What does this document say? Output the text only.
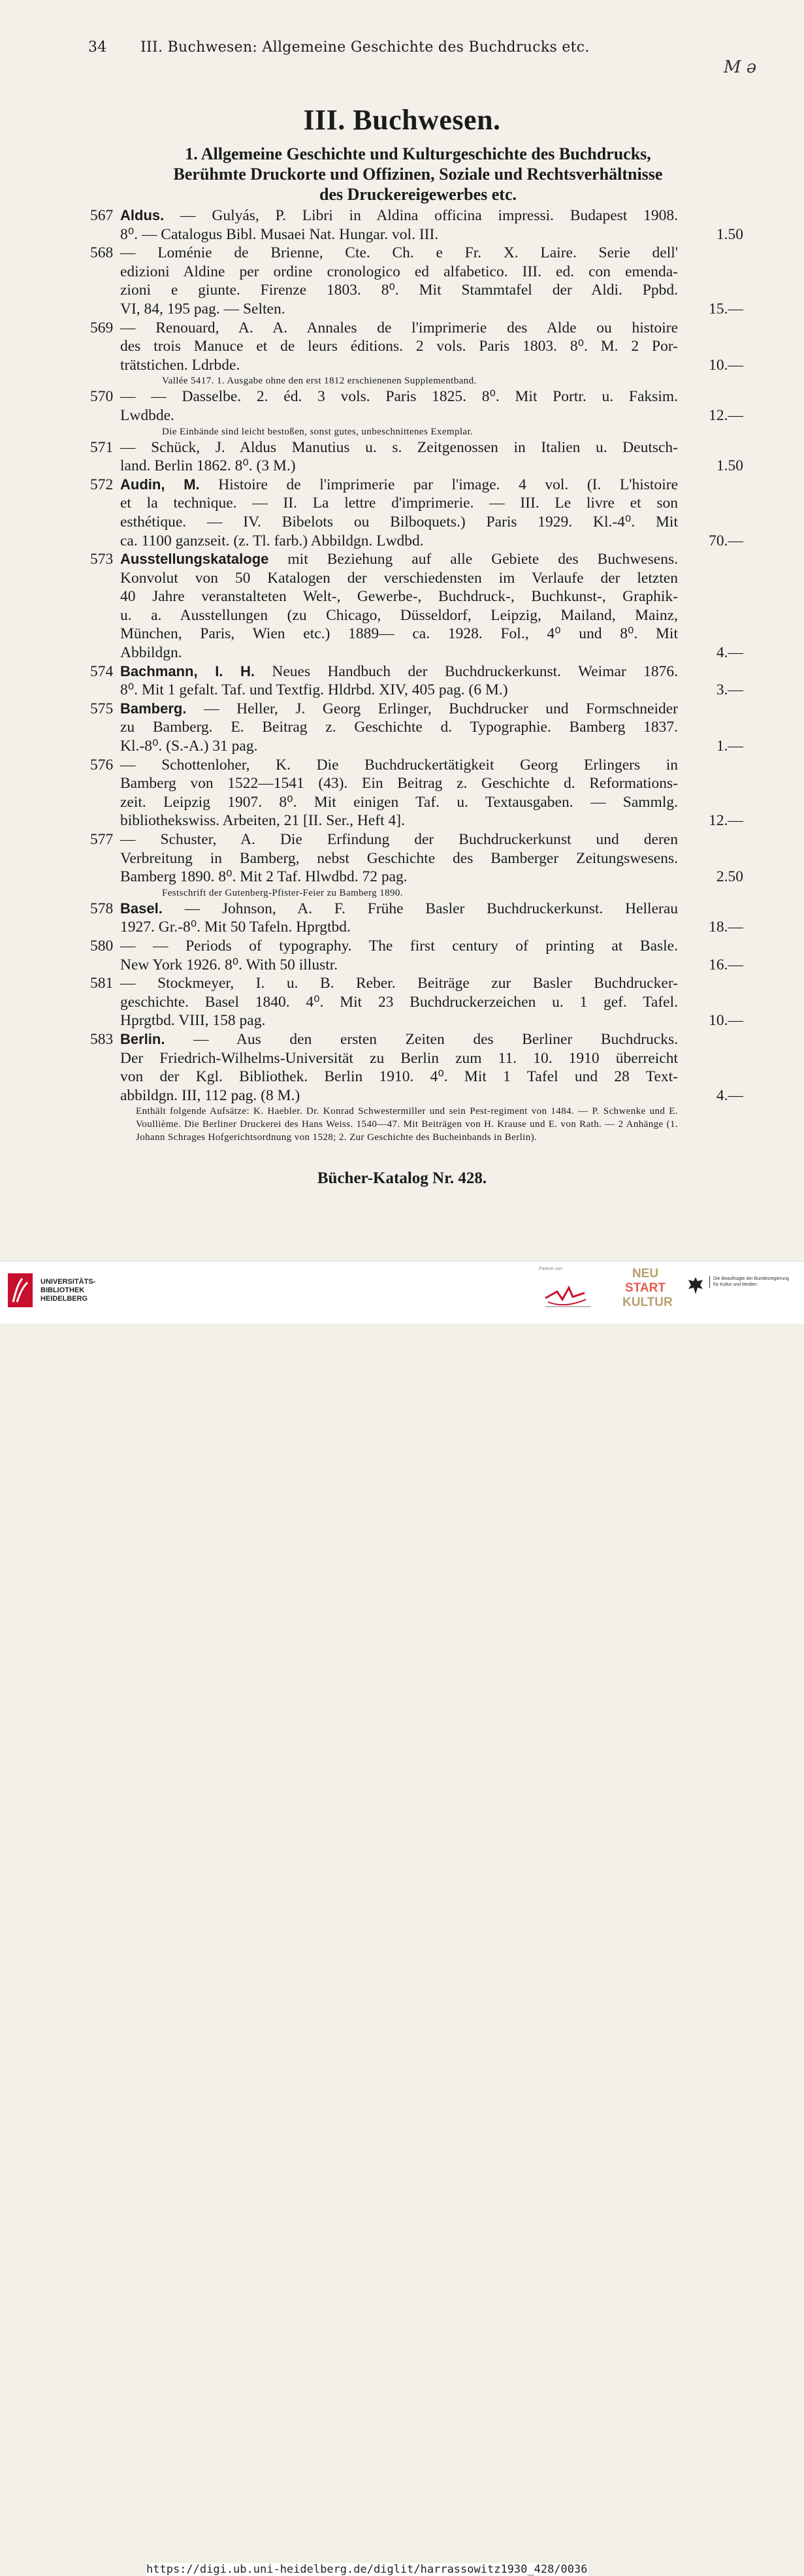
34	III. Buchwesen: Allgemeine Geschichte des Buchdrucks etc.
M ə
III. Buchwesen.
1. Allgemeine Geschichte und Kulturgeschichte des Buchdrucks,
Berühmte Druckorte und Offizinen, Soziale und Rechtsverhältnisse
des Druckereigewerbes etc.
567 Aldus. — Gulyás, P. Libri in Aldina officina impressi. Budapest 1908.
8⁰. — Catalogus Bibl. Musaei Nat. Hungar. vol. III.	1.50
568 — Loménie de Brienne, Cte. Ch. e Fr. X. Laire. Serie dell'
edizioni Aldine per ordine cronologico ed alfabetico. III. ed. con emenda-
zioni e giunte. Firenze 1803. 8⁰. Mit Stammtafel der Aldi. Ppbd.
VI, 84, 195 pag. — Selten.	15.—
569 — Renouard, A. A. Annales de l'imprimerie des Alde ou histoire
des trois Manuce et de leurs éditions. 2 vols. Paris 1803. 8⁰. M. 2 Por-
trätstichen. Ldrbde.	10.—
Vallée 5417. 1. Ausgabe ohne den erst 1812 erschienenen Supplementband.
570 — — Dasselbe. 2. éd. 3 vols. Paris 1825. 8⁰. Mit Portr. u. Faksim.
Lwdbde.	12.—
Die Einbände sind leicht bestoßen, sonst gutes, unbeschnittenes Exemplar.
571 — Schück, J. Aldus Manutius u. s. Zeitgenossen in Italien u. Deutsch-
land. Berlin 1862. 8⁰. (3 M.)	1.50
572 Audin, M. Histoire de l'imprimerie par l'image. 4 vol. (I. L'histoire
et la technique. — II. La lettre d'imprimerie. — III. Le livre et son
esthétique. — IV. Bibelots ou Bilboquets.) Paris 1929. Kl.-4⁰. Mit
ca. 1100 ganzseit. (z. Tl. farb.) Abbildgn. Lwdbd.	70.—
573 Ausstellungskataloge mit Beziehung auf alle Gebiete des Buchwesens.
Konvolut von 50 Katalogen der verschiedensten im Verlaufe der letzten
40 Jahre veranstalteten Welt-, Gewerbe-, Buchdruck-, Buchkunst-, Graphik-
u. a. Ausstellungen (zu Chicago, Düsseldorf, Leipzig, Mailand, Mainz,
München, Paris, Wien etc.) 1889— ca. 1928. Fol., 4⁰ und 8⁰. Mit
Abbildgn.	4.—
574 Bachmann, I. H. Neues Handbuch der Buchdruckerkunst. Weimar 1876.
8⁰. Mit 1 gefalt. Taf. und Textfig. Hldrbd. XIV, 405 pag. (6 M.)	3.—
575 Bamberg. — Heller, J. Georg Erlinger, Buchdrucker und Formschneider
zu Bamberg. E. Beitrag z. Geschichte d. Typographie. Bamberg 1837.
Kl.-8⁰. (S.-A.) 31 pag.	1.—
576 — Schottenloher, K. Die Buchdruckertätigkeit Georg Erlingers in
Bamberg von 1522—1541 (43). Ein Beitrag z. Geschichte d. Reformations-
zeit. Leipzig 1907. 8⁰. Mit einigen Taf. u. Textausgaben. — Sammlg.
bibliothekswiss. Arbeiten, 21 [II. Ser., Heft 4].	12.—
577 — Schuster, A. Die Erfindung der Buchdruckerkunst und deren
Verbreitung in Bamberg, nebst Geschichte des Bamberger Zeitungswesens.
Bamberg 1890. 8⁰. Mit 2 Taf. Hlwdbd. 72 pag.	2.50
Festschrift der Gutenberg-Pfister-Feier zu Bamberg 1890.
578 Basel. — Johnson, A. F. Frühe Basler Buchdruckerkunst. Hellerau
1927. Gr.-8⁰. Mit 50 Tafeln. Hprgtbd.	18.—
580 — — Periods of typography. The first century of printing at Basle.
New York 1926. 8⁰. With 50 illustr.	16.—
581 — Stockmeyer, I. u. B. Reber. Beiträge zur Basler Buchdrucker-
geschichte. Basel 1840. 4⁰. Mit 23 Buchdruckerzeichen u. 1 gef. Tafel.
Hprgtbd. VIII, 158 pag.	10.—
583 Berlin. — Aus den ersten Zeiten des Berliner Buchdrucks.
Der Friedrich-Wilhelms-Universität zu Berlin zum 11. 10. 1910 überreicht
von der Kgl. Bibliothek. Berlin 1910. 4⁰. Mit 1 Tafel und 28 Text-
abbildgn. III, 112 pag. (8 M.)	4.—
Enthält folgende Aufsätze: K. Haebler. Dr. Konrad Schwestermiller und sein Pest-regiment von 1484. — P. Schwenke und E. Voullième. Die Berliner Druckerei des Hans Weiss. 1540—47. Mit Beiträgen von H. Krause und E. von Rath. — 2 Anhänge (1. Johann Schrages Hofgerichtsordnung von 1528; 2. Zur Geschichte des Bucheinbands in Berlin).
Bücher-Katalog Nr. 428.
UNIVERSITÄTS-
BIBLIOTHEK
HEIDELBERG
Partner von	NEU
START
KULTUR
Die Beauftragte der Bundesregierung
für Kultur und Medien
https://digi.ub.uni-heidelberg.de/diglit/harrassowitz1930_428/0036
